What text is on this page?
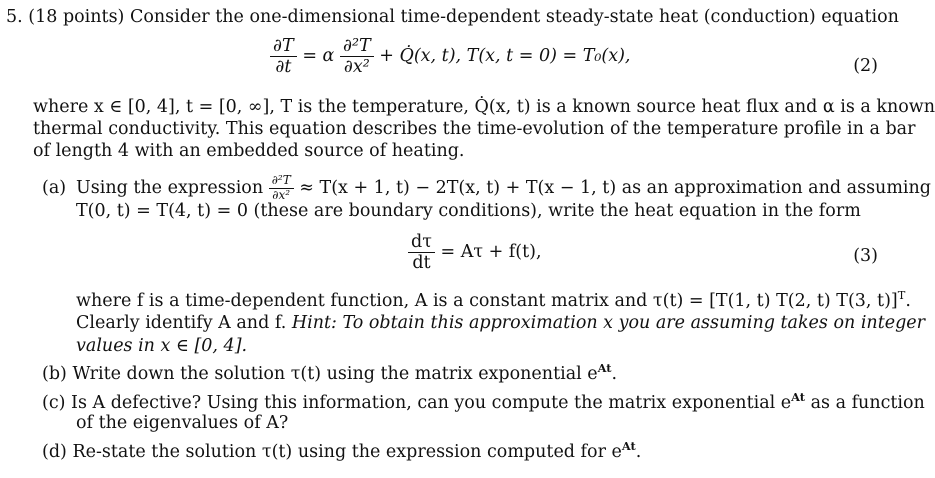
5. (18 points) Consider the one-dimensional time-dependent steady-state heat (conduction) equation
$\frac{\partial T}{\partial t} = \alpha \frac{\text{∂²T}}{\text{∂x²}}$ + Q̇(x, t), T(x, t = 0) = T₀(x),	(2)
where x ∈ [0, 4], t = [0, ∞], T is the temperature, Q̇(x, t) is a known source heat flux and α is a known
thermal conductivity. This equation describes the time-evolution of the temperature profile in a bar
of length 4 with an embedded source of heating.
(a) Using the expression $\frac{\text{∂²T}}{\text{∂x²}} \approx T(x + 1$, t) − 2T(x, t) + T(x − 1, t) as an approximation and assuming
T(0, t) = T(4, t) = 0 (these are boundary conditions), write the heat equation in the form
$\frac{d\tau}{dt} = A\tau + f(t)$,	(3)
where f is a time-dependent function, A is a constant matrix and τ(t) = [T(1, t) T(2, t) T(3, t)]$^T$.
Clearly identify A and f. Hint: To obtain this approximation x you are assuming takes on integer
values in x ∈ [0, 4].
(b) Write down the solution τ(t) using the matrix exponential $e^{At}$.
(c) Is A defective? Using this information, can you compute the matrix exponential $e^{At}$ as a function
of the eigenvalues of A?
(d) Re-state the solution τ(t) using the expression computed for $e^{At}$.
